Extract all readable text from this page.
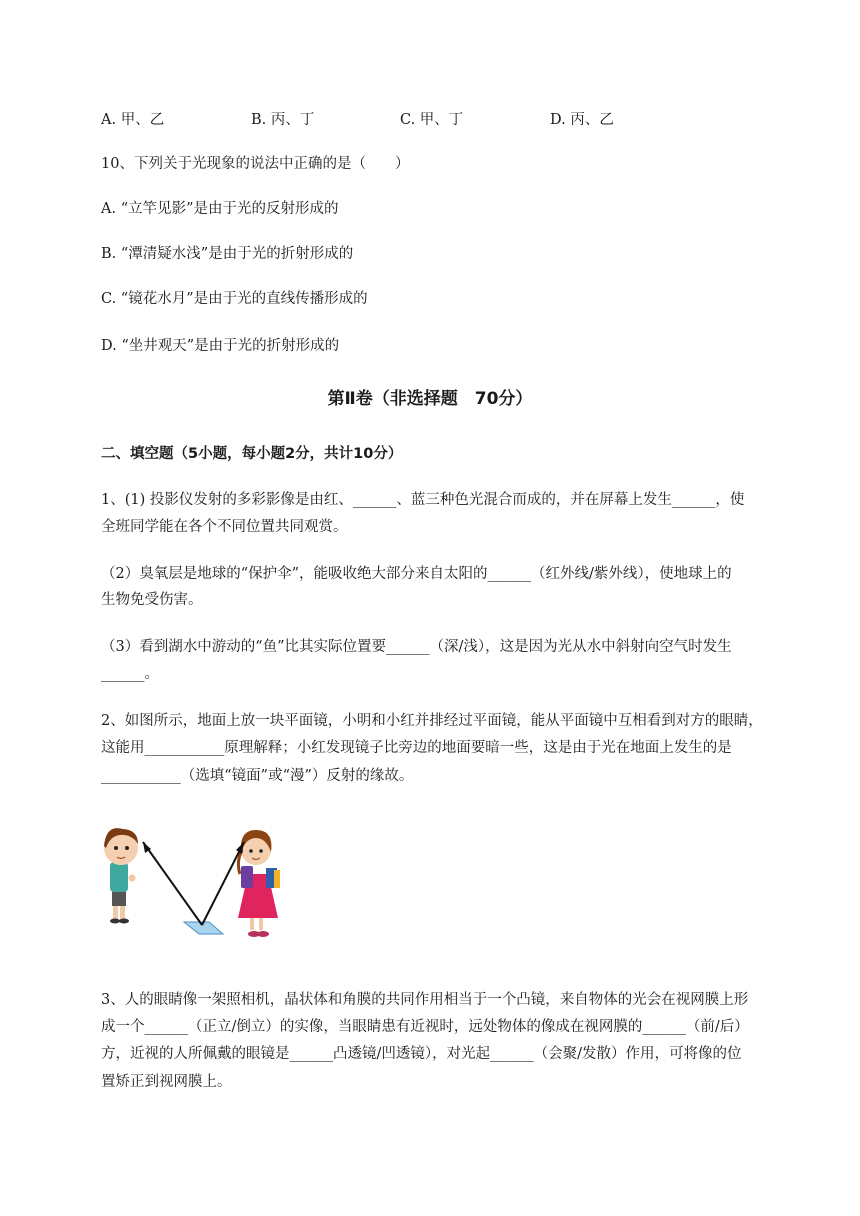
A. 甲、乙	B. 丙、丁	C. 甲、丁	D. 丙、乙
10、下列关于光现象的说法中正确的是（　　）
A. “立竿见影”是由于光的反射形成的
B. “潭清疑水浅”是由于光的折射形成的
C. “镜花水月”是由于光的直线传播形成的
D. “坐井观天”是由于光的折射形成的
第Ⅱ卷（非选择题　70分）
二、填空题（5小题，每小题2分，共计10分）
1、(1) 投影仪发射的多彩影像是由红、______、蓝三种色光混合而成的，并在屏幕上发生______，使
全班同学能在各个不同位置共同观赏。
（2）臭氧层是地球的“保护伞”，能吸收绝大部分来自太阳的______（红外线/紫外线），使地球上的
生物免受伤害。
（3）看到湖水中游动的“鱼”比其实际位置要______（深/浅），这是因为光从水中斜射向空气时发生
______。
2、如图所示，地面上放一块平面镜，小明和小红并排经过平面镜，能从平面镜中互相看到对方的眼睛，
这能用___________原理解释；小红发现镜子比旁边的地面要暗一些，这是由于光在地面上发生的是
___________（选填“镜面”或“漫”）反射的缘故。
3、人的眼睛像一架照相机，晶状体和角膜的共同作用相当于一个凸镜，来自物体的光会在视网膜上形
成一个______（正立/倒立）的实像，当眼睛患有近视时，远处物体的像成在视网膜的______（前/后）
方，近视的人所佩戴的眼镜是______凸透镜/凹透镜），对光起______（会聚/发散）作用，可将像的位
置矫正到视网膜上。
